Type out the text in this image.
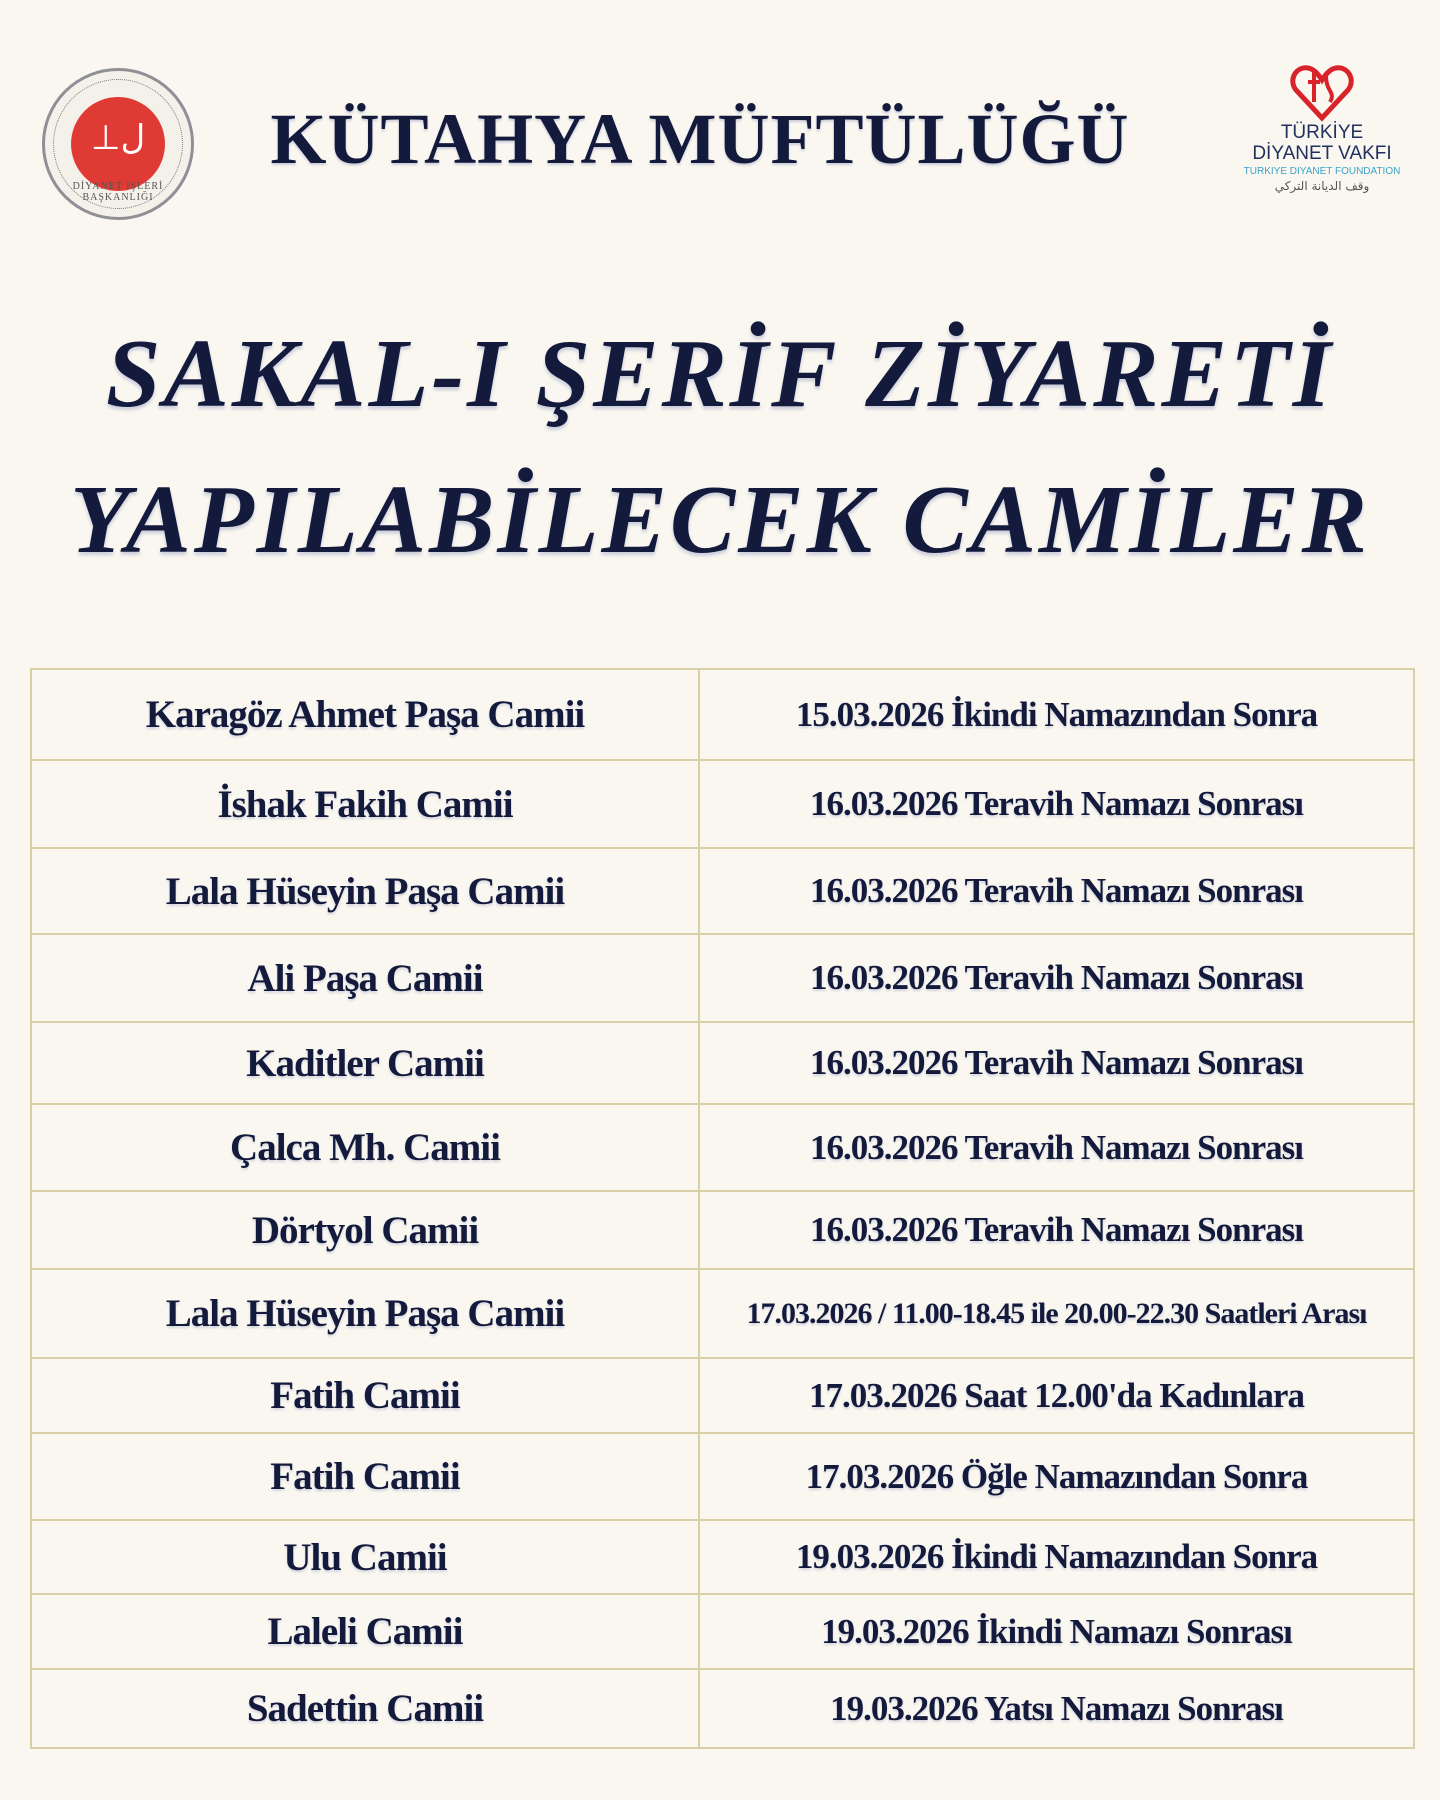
⊥ﻝ
DİYANET İŞLERİ BAŞKANLIĞI
KÜTAHYA MÜFTÜLÜĞÜ	TÜRKİYE
DİYANET VAKFI
TURKIYE DIYANET FOUNDATION
وقف الديانة التركي
SAKAL-I ŞERİF ZİYARETİ
YAPILABİLECEK CAMİLER
Karagöz Ahmet Paşa Camii	15.03.2026 İkindi Namazından Sonra
İshak Fakih Camii	16.03.2026 Teravih Namazı Sonrası
Lala Hüseyin Paşa Camii	16.03.2026 Teravih Namazı Sonrası
Ali Paşa Camii	16.03.2026 Teravih Namazı Sonrası
Kaditler Camii	16.03.2026 Teravih Namazı Sonrası
Çalca Mh. Camii	16.03.2026 Teravih Namazı Sonrası
Dörtyol Camii	16.03.2026 Teravih Namazı Sonrası
Lala Hüseyin Paşa Camii	17.03.2026 / 11.00-18.45 ile 20.00-22.30 Saatleri Arası
Fatih Camii	17.03.2026 Saat 12.00'da Kadınlara
Fatih Camii	17.03.2026 Öğle Namazından Sonra
Ulu Camii	19.03.2026 İkindi Namazından Sonra
Laleli Camii	19.03.2026 İkindi Namazı Sonrası
Sadettin Camii	19.03.2026 Yatsı Namazı Sonrası
